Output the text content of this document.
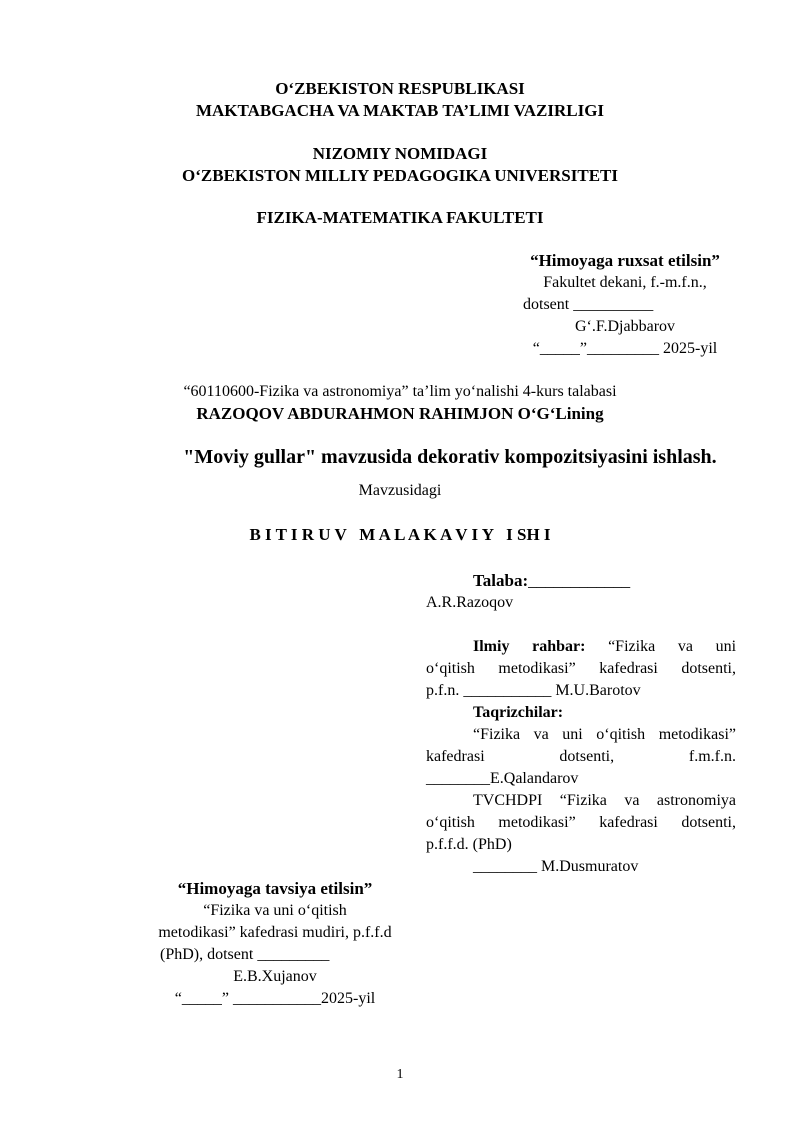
O‘ZBEKISTON RESPUBLIKASI
MAKTABGACHA VA MAKTAB TA’LIMI VAZIRLIGI
NIZOMIY NOMIDAGI
O‘ZBEKISTON MILLIY PEDAGOGIKA UNIVERSITETI
FIZIKA-MATEMATIKA FAKULTETI
“Himoyaga ruxsat etilsin”
Fakultet dekani, f.-m.f.n.,
dotsent __________
G‘.F.Djabbarov
“_____”_________ 2025-yil
“60110600-Fizika va astronomiya” ta’lim yo‘nalishi 4-kurs talabasi
RAZOQOV ABDURAHMON RAHIMJON O‘G‘Lining
"Moviy gullar" mavzusida dekorativ kompozitsiyasini ishlash.
Mavzusidagi
B I T I R U V   M A L A K A V I Y   I SH I
Talaba:____________
A.R.Razoqov
Ilmiy rahbar: “Fizika va uni
o‘qitish metodikasi” kafedrasi dotsenti,
p.f.n. ___________ M.U.Barotov
Taqrizchilar:
“Fizika va uni o‘qitish metodikasi”
kafedrasi dotsenti, f.m.f.n.
________E.Qalandarov
TVCHDPI “Fizika va astronomiya
o‘qitish metodikasi” kafedrasi dotsenti,
p.f.f.d. (PhD)
________ M.Dusmuratov
“Himoyaga tavsiya etilsin”
“Fizika va uni o‘qitish
metodikasi” kafedrasi mudiri, p.f.f.d
(PhD), dotsent _________
E.B.Xujanov
“_____” ___________2025-yil
1
